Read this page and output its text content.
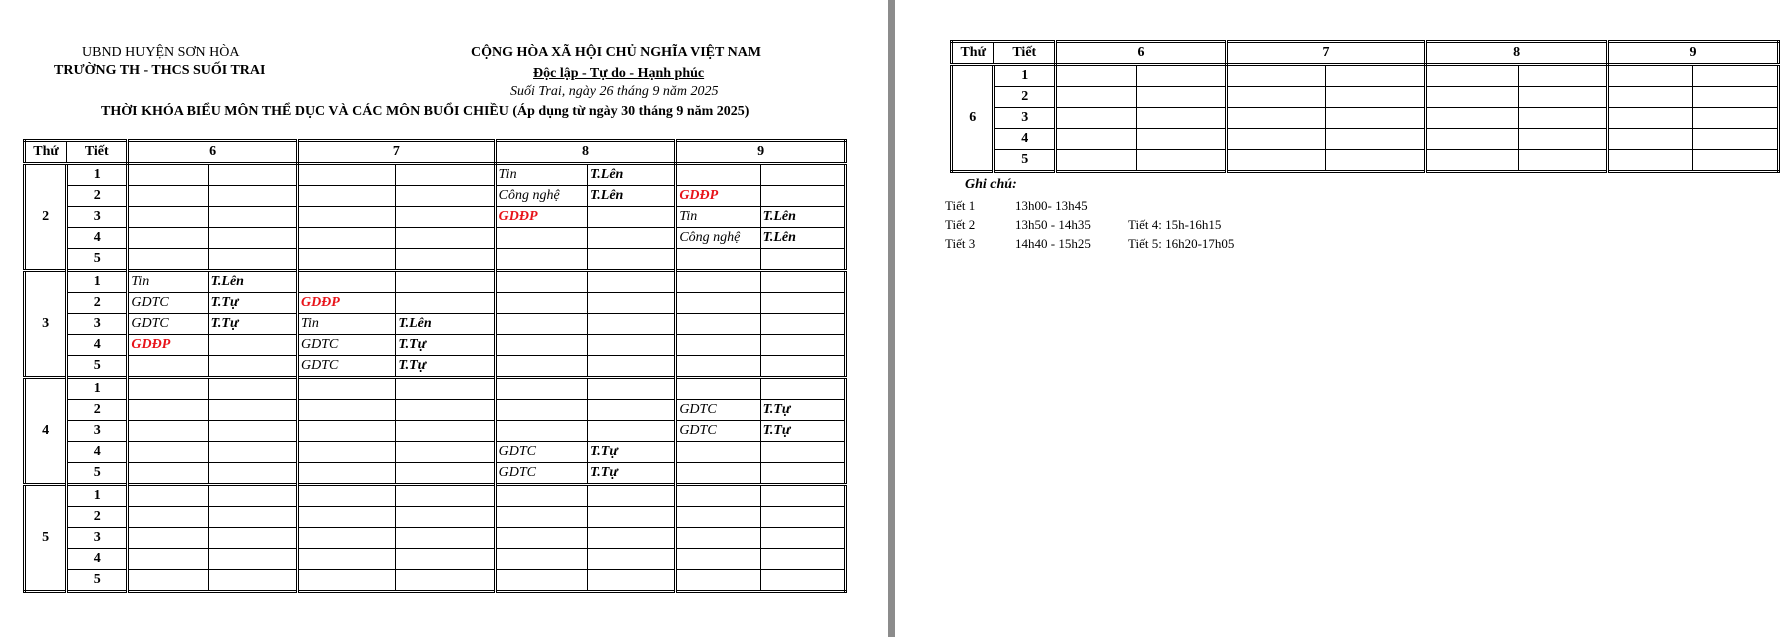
UBND HUYỆN SƠN HÒA
TRƯỜNG TH - THCS SUỐI TRAI
CỘNG HÒA XÃ HỘI CHỦ NGHĨA VIỆT NAM
Độc lập - Tự do - Hạnh phúc
Suối Trai, ngày 26 tháng 9 năm 2025
THỜI KHÓA BIỂU MÔN THỂ DỤC VÀ CÁC MÔN BUỔI CHIỀU (Áp dụng từ ngày 30 tháng 9 năm 2025)
Thứ	Tiết	6		7		8		9	
2	1					Tin	T.Lên		
	2					Công nghệ	T.Lên	GDĐP	
	3					GDĐP		Tin	T.Lên
	4							Công nghệ	T.Lên
	5								
3	1	Tin	T.Lên						
	2	GDTC	T.Tự	GDĐP					
	3	GDTC	T.Tự	Tin	T.Lên				
	4	GDĐP		GDTC	T.Tự				
	5			GDTC	T.Tự				
4	1								
	2							GDTC	T.Tự
	3							GDTC	T.Tự
	4					GDTC	T.Tự		
	5					GDTC	T.Tự		
5	1								
	2								
	3								
	4								
	5								
Thứ	Tiết	6		7		8		9	
6	1								
	2								
	3								
	4								
	5								
Ghi chú:
Tiết 1	13h00- 13h45
Tiết 2	13h50 - 14h35	Tiết 4: 15h-16h15
Tiết 3	14h40 - 15h25	Tiết 5: 16h20-17h05
